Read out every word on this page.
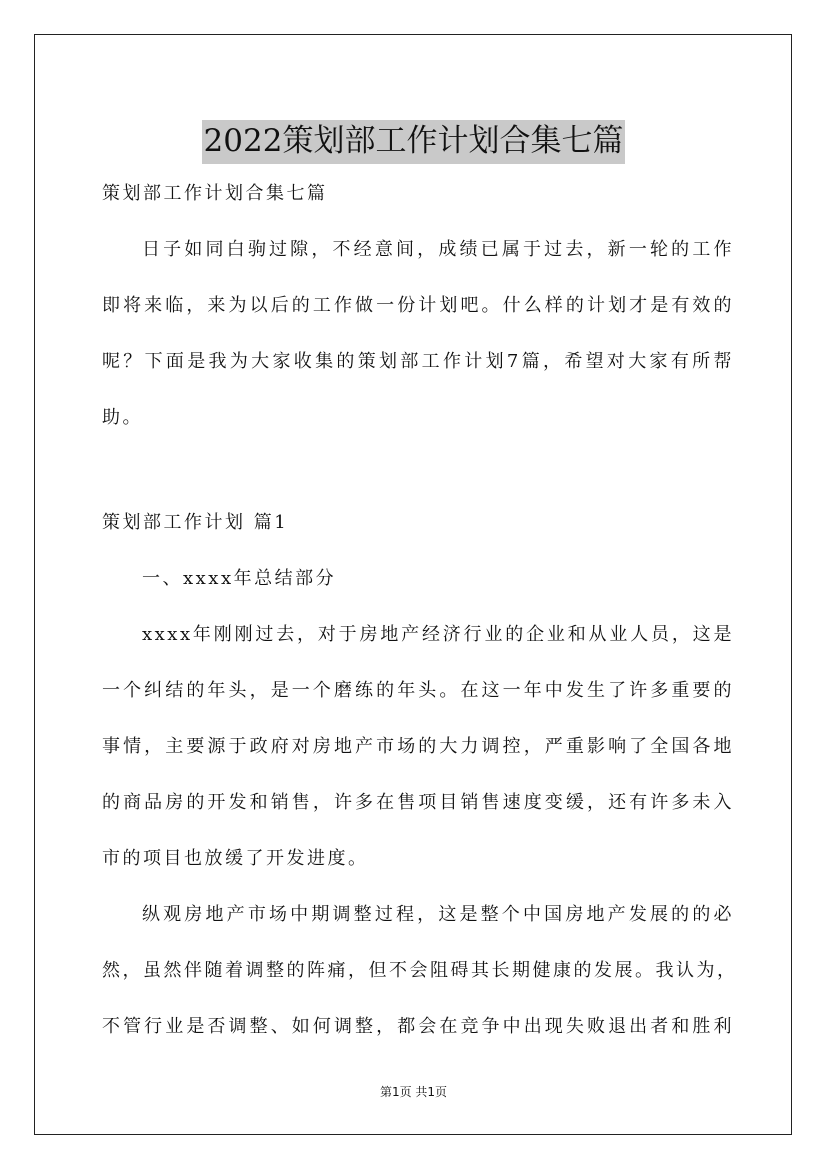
2022策划部工作计划合集七篇
策划部工作计划合集七篇
日子如同白驹过隙，不经意间，成绩已属于过去，新一轮的工作
即将来临，来为以后的工作做一份计划吧。什么样的计划才是有效的
呢？下面是我为大家收集的策划部工作计划7篇，希望对大家有所帮
助。
策划部工作计划 篇1
一、xxxx年总结部分
xxxx年刚刚过去，对于房地产经济行业的企业和从业人员，这是
一个纠结的年头，是一个磨练的年头。在这一年中发生了许多重要的
事情，主要源于政府对房地产市场的大力调控，严重影响了全国各地
的商品房的开发和销售，许多在售项目销售速度变缓，还有许多未入
市的项目也放缓了开发进度。
纵观房地产市场中期调整过程，这是整个中国房地产发展的的必
然，虽然伴随着调整的阵痛，但不会阻碍其长期健康的发展。我认为，
不管行业是否调整、如何调整，都会在竞争中出现失败退出者和胜利
第1页 共1页
